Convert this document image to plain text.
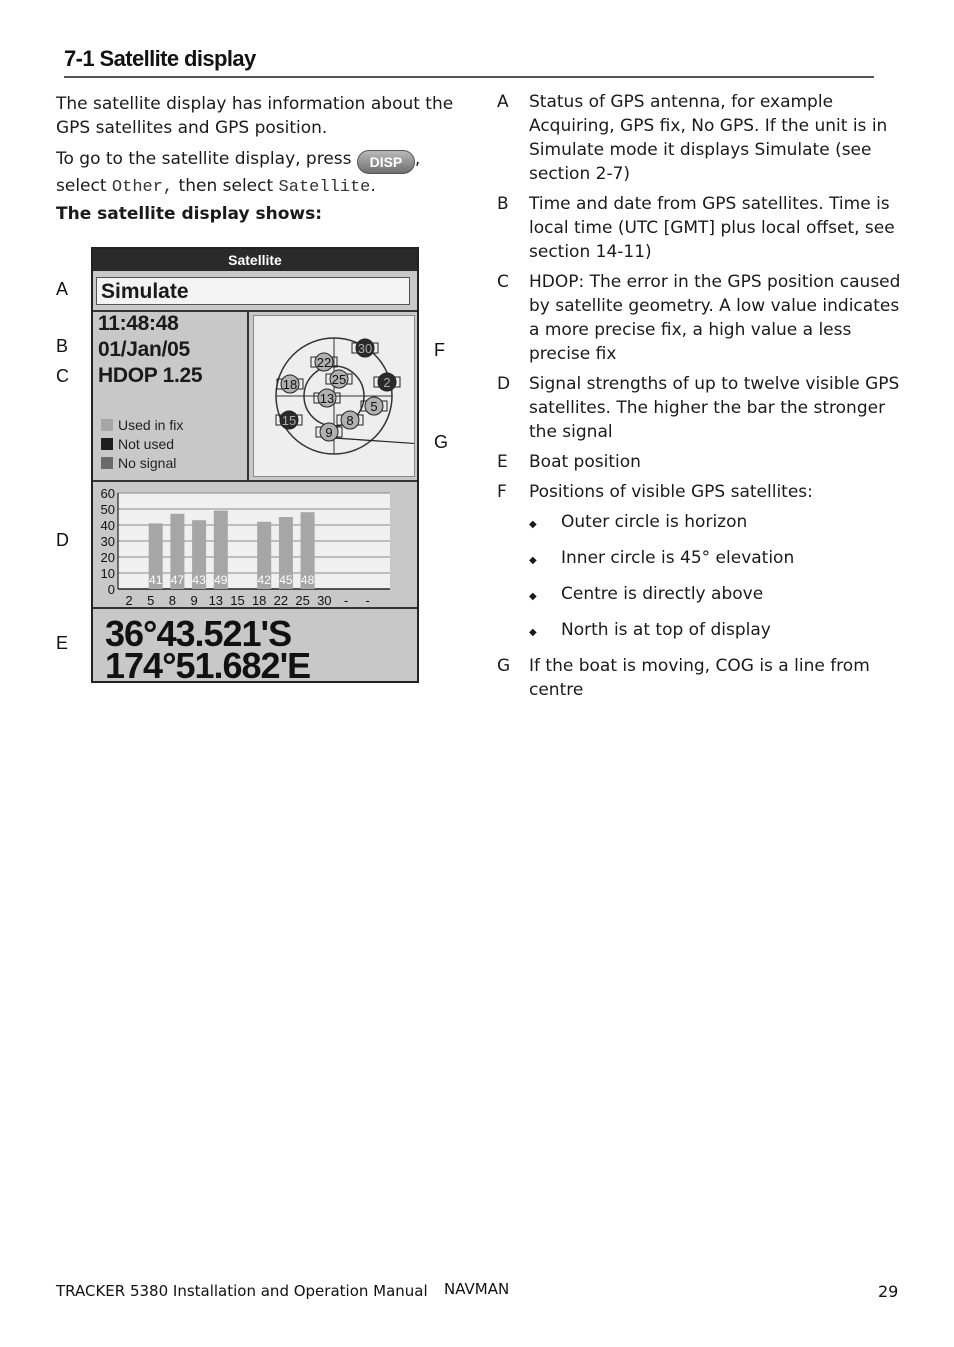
7-1 Satellite display
The satellite display has information about the GPS satellites and GPS position.
To go to the satellite display, press DISP ,
select Other, then select Satellite.
The satellite display shows:
A
B
C
D
E
F
G
Satellite
Simulate
11:48:48
01/Jan/05
HDOP 1.25
Used in fix
Not used
No signal
22
30
18	25	2
13
5
15	8
9
41 47 43 49	42 45 48
0
10
20
30
40
50
60
2 5 8 9 13 15 18 22 25 30 - -
36°43.521'S
174°51.682'E
A	Status of GPS antenna, for example Acquiring, GPS fix, No GPS. If the unit is in Simulate mode it displays Simulate (see section 2-7)
B	Time and date from GPS satellites. Time is local time (UTC [GMT] plus local offset, see section 14-11)
C	HDOP: The error in the GPS position caused by satellite geometry. A low value indicates a more precise fix, a high value a less precise fix
D	Signal strengths of up to twelve visible GPS satellites. The higher the bar the stronger the signal
E	Boat position
F	Positions of visible GPS satellites:
◆	Outer circle is horizon
◆	Inner circle is 45° elevation
◆	Centre is directly above
◆	North is at top of display
G	If the boat is moving, COG is a line from centre
TRACKER 5380 Installation and Operation Manual NAVMAN	29
